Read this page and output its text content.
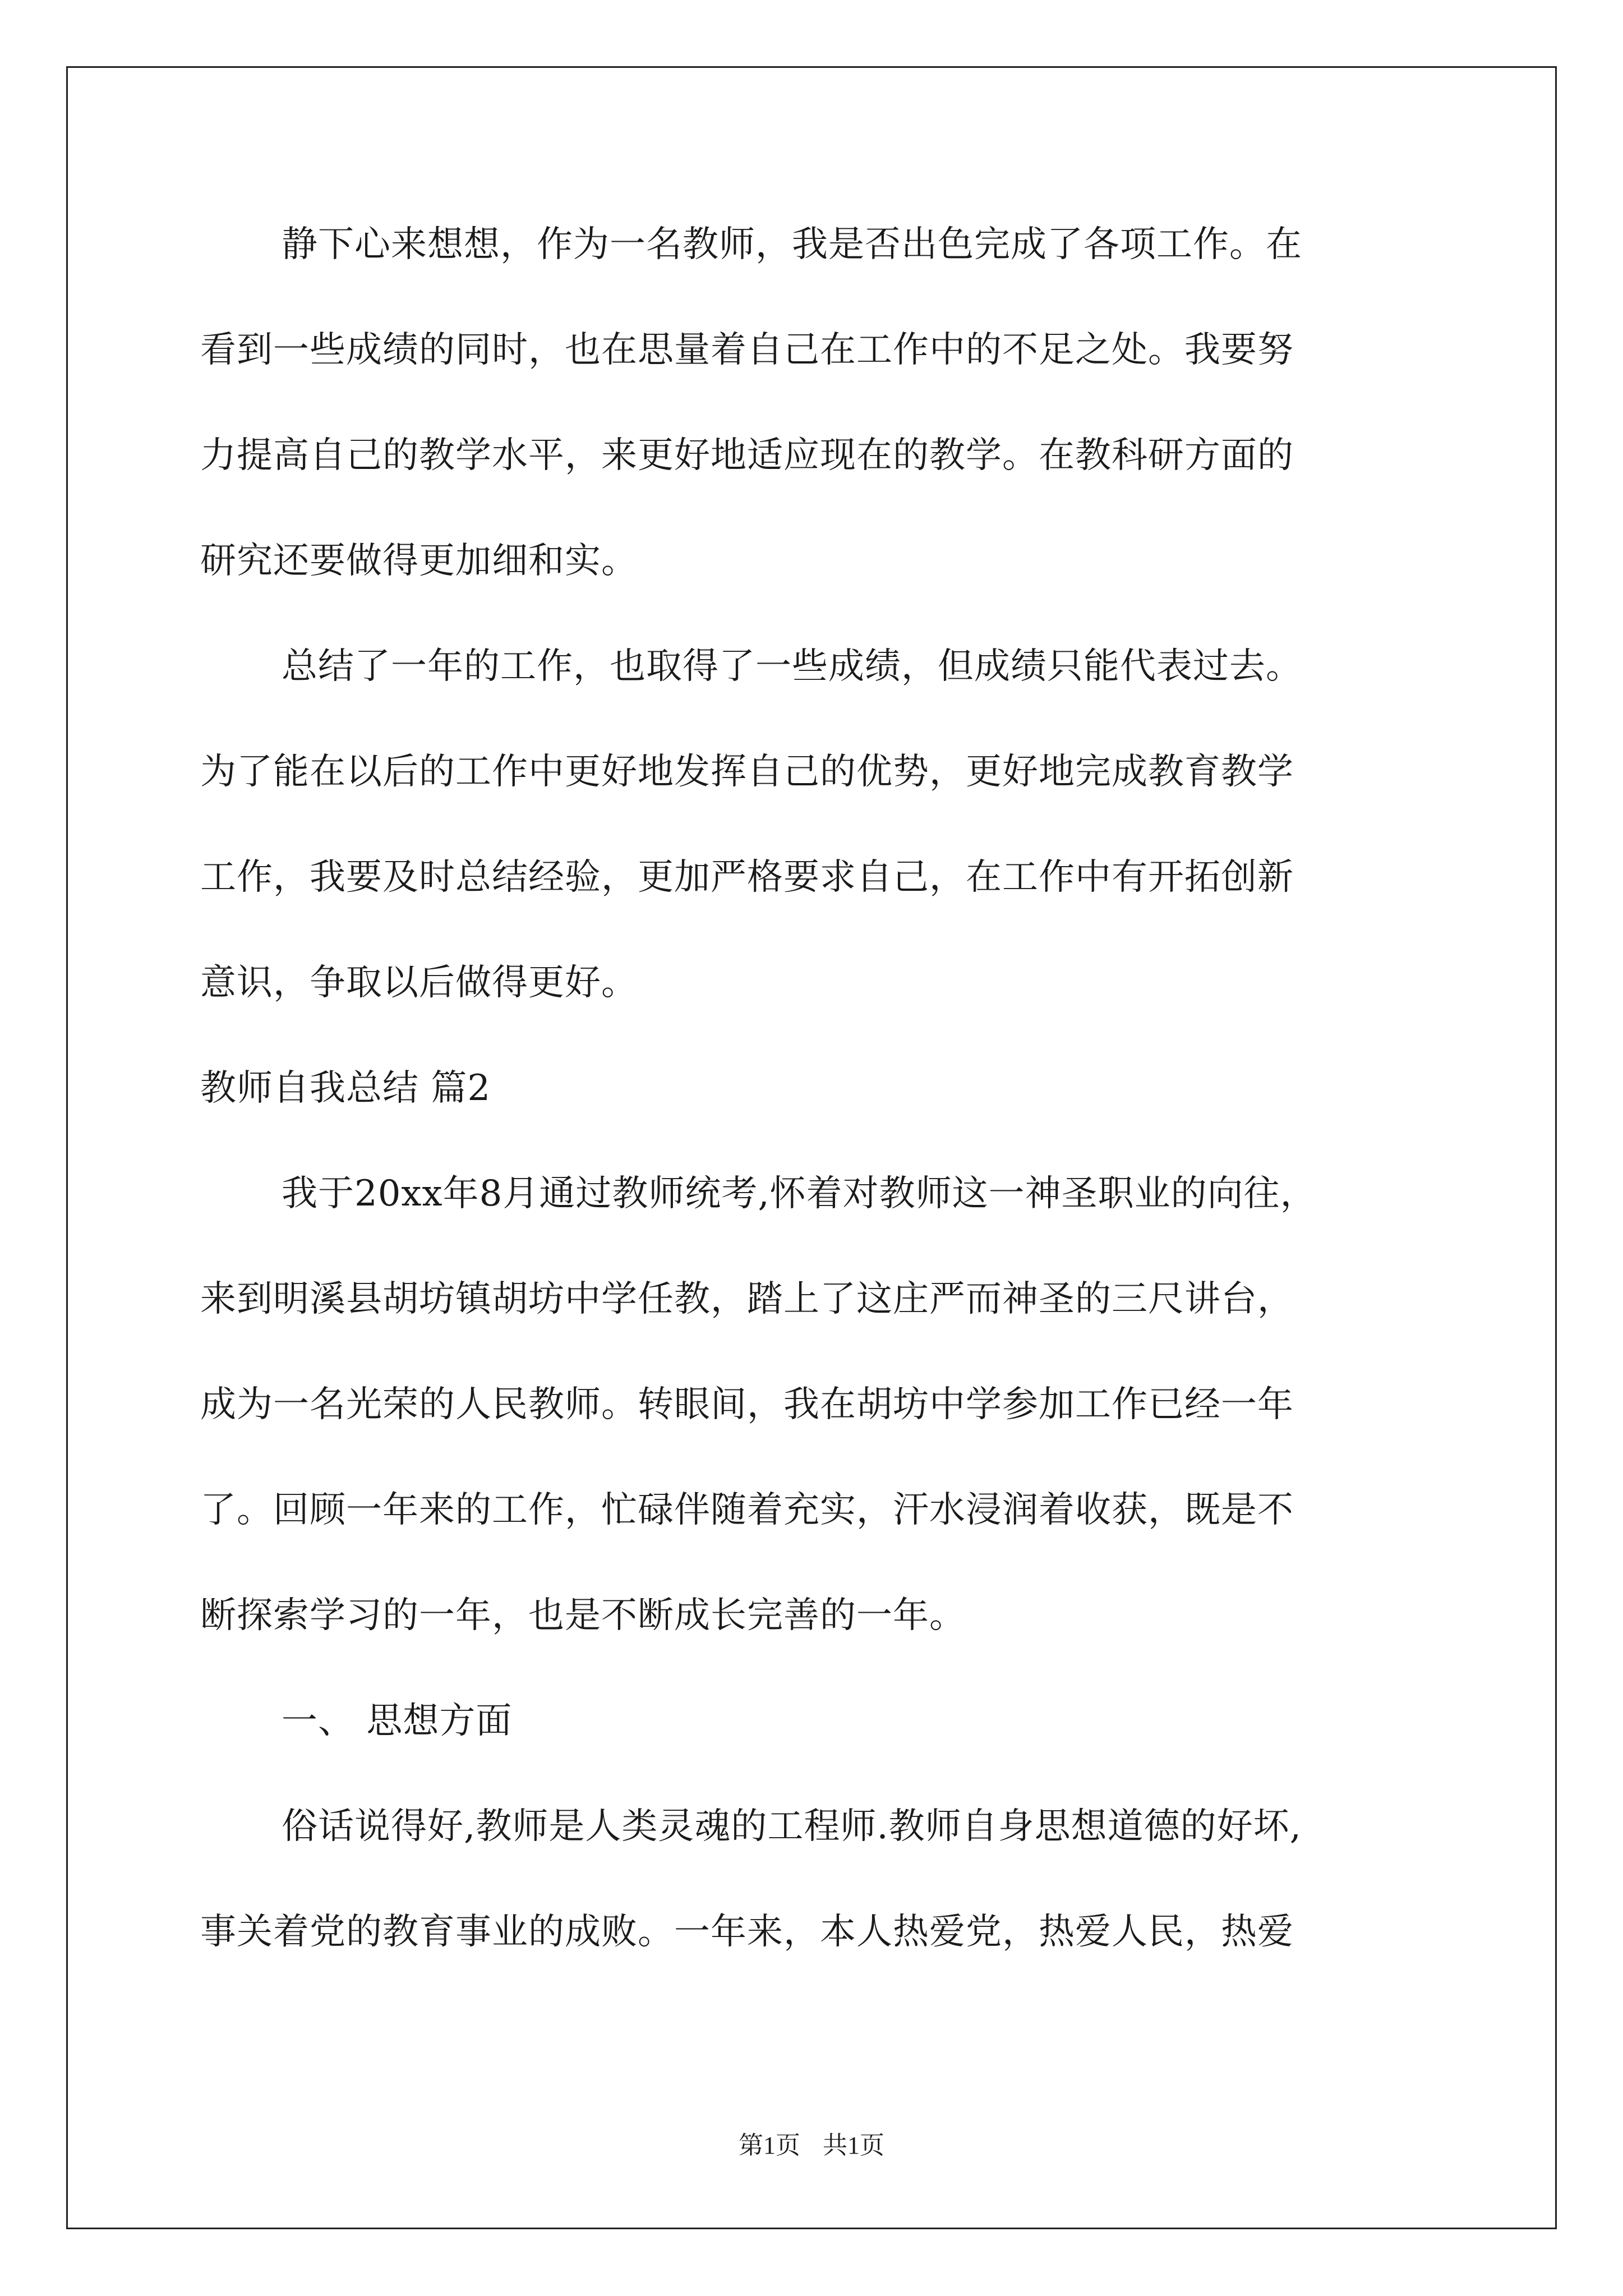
静下心来想想，作为一名教师，我是否出色完成了各项工作。在
看到一些成绩的同时，也在思量着自己在工作中的不足之处。我要努
力提高自己的教学水平，来更好地适应现在的教学。在教科研方面的
研究还要做得更加细和实。
总结了一年的工作，也取得了一些成绩，但成绩只能代表过去。
为了能在以后的工作中更好地发挥自己的优势，更好地完成教育教学
工作，我要及时总结经验，更加严格要求自己，在工作中有开拓创新
意识，争取以后做得更好。
教师自我总结 篇2
我于20xx年8月通过教师统考,怀着对教师这一神圣职业的向往，
来到明溪县胡坊镇胡坊中学任教，踏上了这庄严而神圣的三尺讲台，
成为一名光荣的人民教师。转眼间，我在胡坊中学参加工作已经一年
了。回顾一年来的工作，忙碌伴随着充实，汗水浸润着收获，既是不
断探索学习的一年，也是不断成长完善的一年。
一、 思想方面
俗话说得好,教师是人类灵魂的工程师.教师自身思想道德的好坏,
事关着党的教育事业的成败。一年来，本人热爱党，热爱人民，热爱
第1页 共1页
